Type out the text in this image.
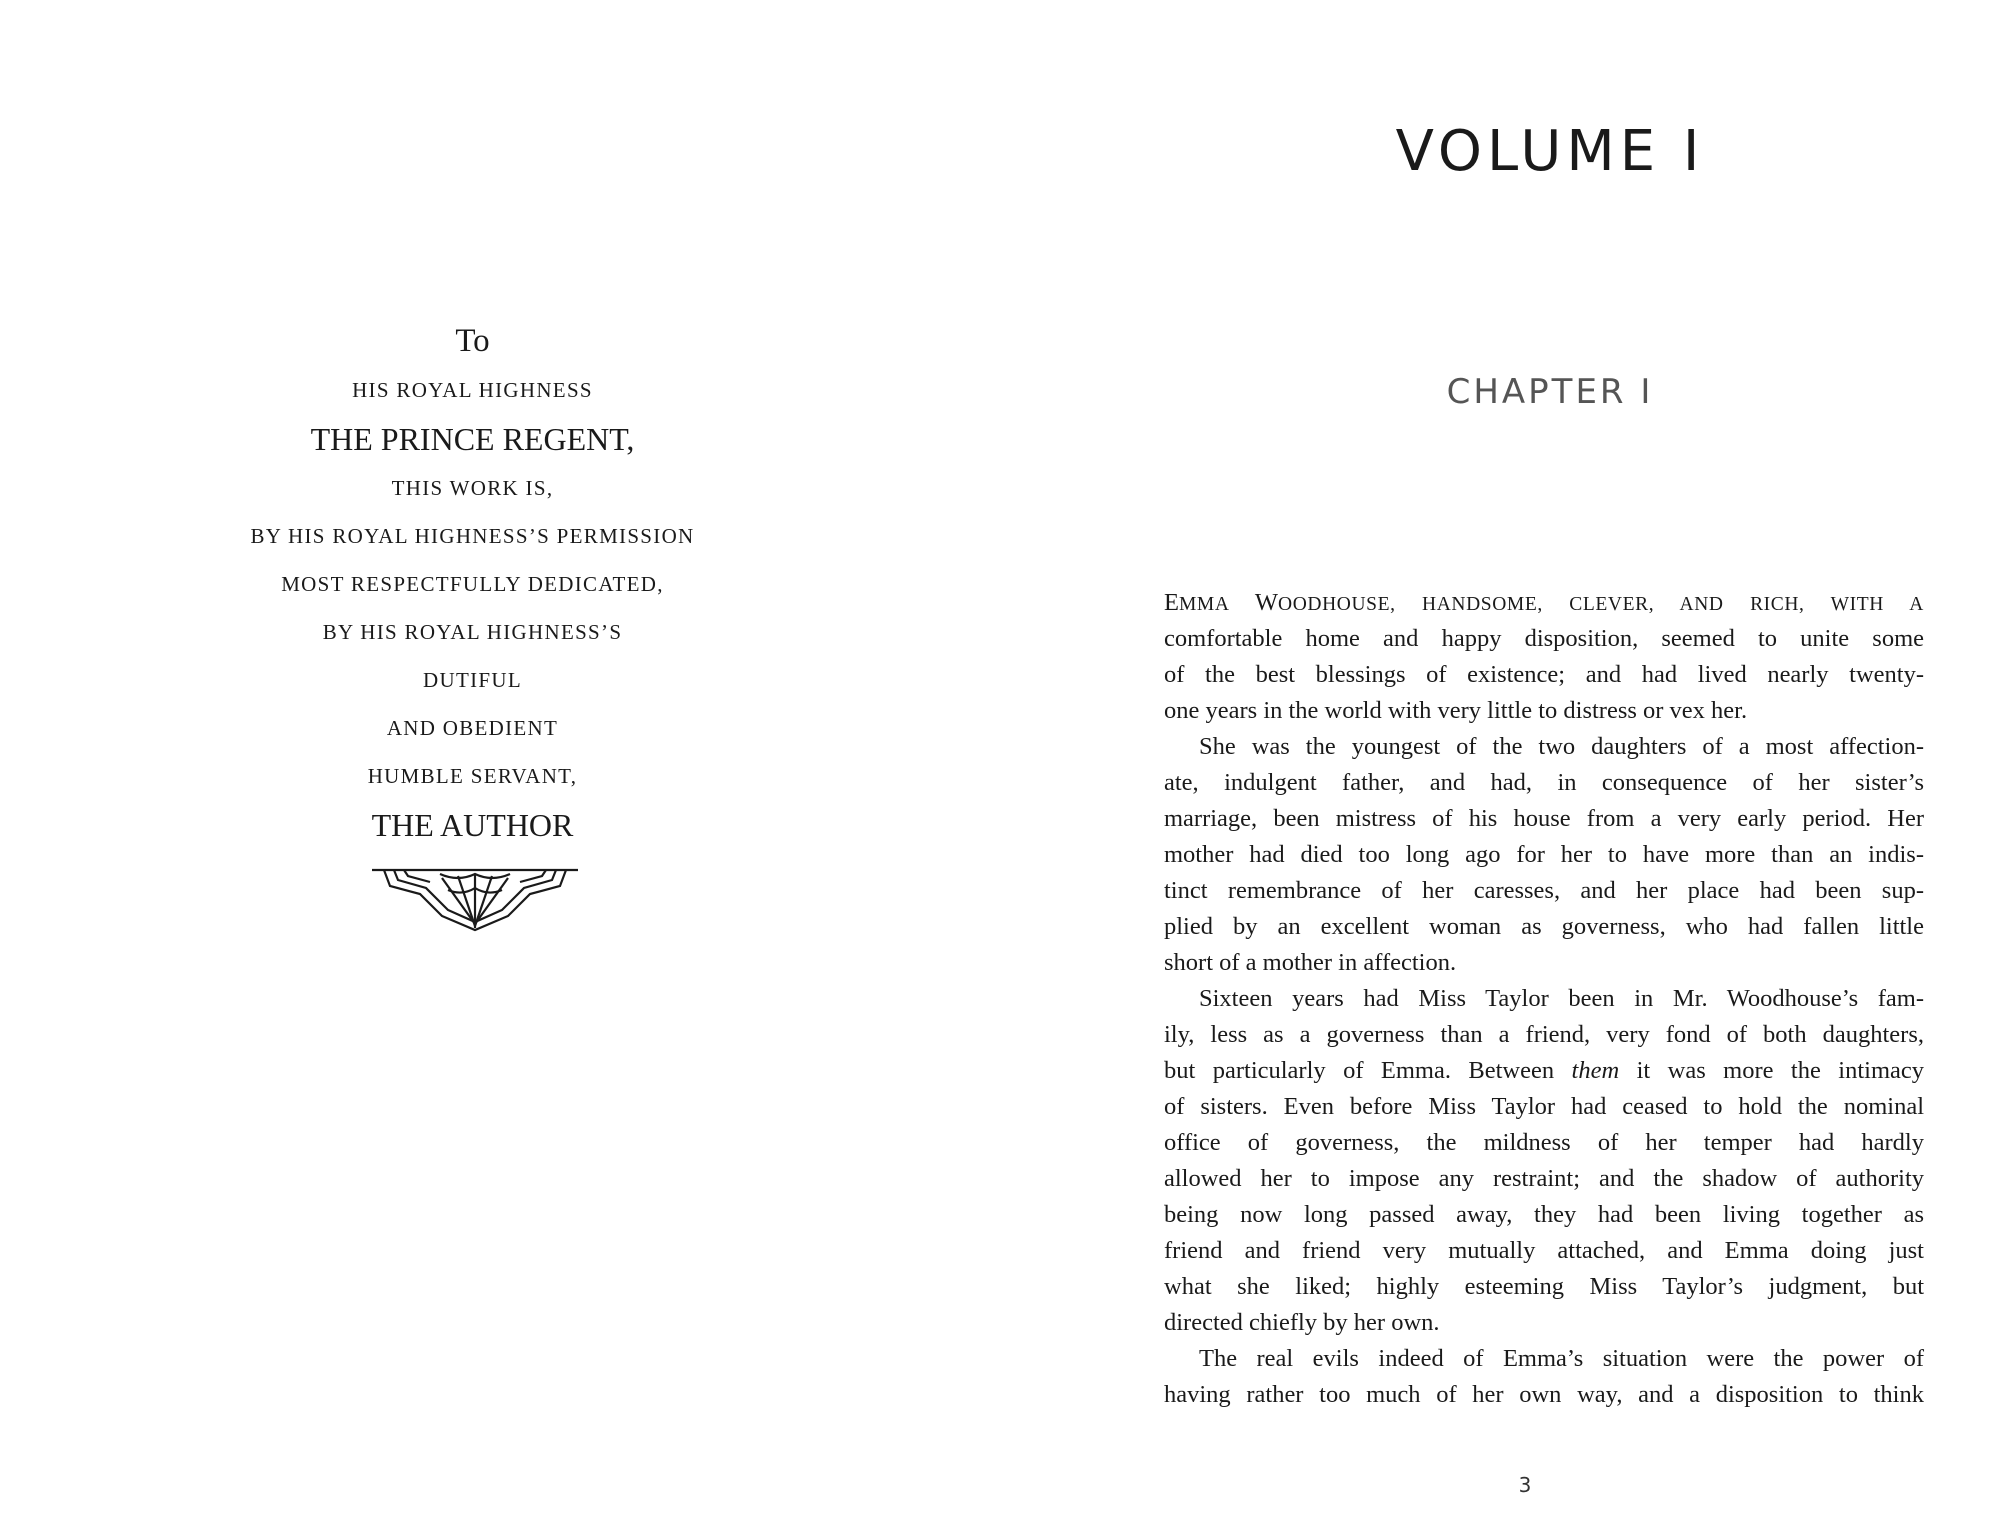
To
HIS ROYAL HIGHNESS
THE PRINCE REGENT,
THIS WORK IS,
BY HIS ROYAL HIGHNESS’S PERMISSION
MOST RESPECTFULLY DEDICATED,
BY HIS ROYAL HIGHNESS’S
DUTIFUL
AND OBEDIENT
HUMBLE SERVANT,
THE AUTHOR
VOLUME I
CHAPTER I
EMMA WOODHOUSE, HANDSOME, CLEVER, AND RICH, WITH A
comfortable home and happy disposition, seemed to unite some
of the best blessings of existence; and had lived nearly twenty-
one years in the world with very little to distress or vex her.
She was the youngest of the two daughters of a most affection-
ate, indulgent father, and had, in consequence of her sister’s
marriage, been mistress of his house from a very early period. Her
mother had died too long ago for her to have more than an indis-
tinct remembrance of her caresses, and her place had been sup-
plied by an excellent woman as governess, who had fallen little
short of a mother in affection.
Sixteen years had Miss Taylor been in Mr. Woodhouse’s fam-
ily, less as a governess than a friend, very fond of both daughters,
but particularly of Emma. Between them it was more the intimacy
of sisters. Even before Miss Taylor had ceased to hold the nominal
office of governess, the mildness of her temper had hardly
allowed her to impose any restraint; and the shadow of authority
being now long passed away, they had been living together as
friend and friend very mutually attached, and Emma doing just
what she liked; highly esteeming Miss Taylor’s judgment, but
directed chiefly by her own.
The real evils indeed of Emma’s situation were the power of
having rather too much of her own way, and a disposition to think
3
